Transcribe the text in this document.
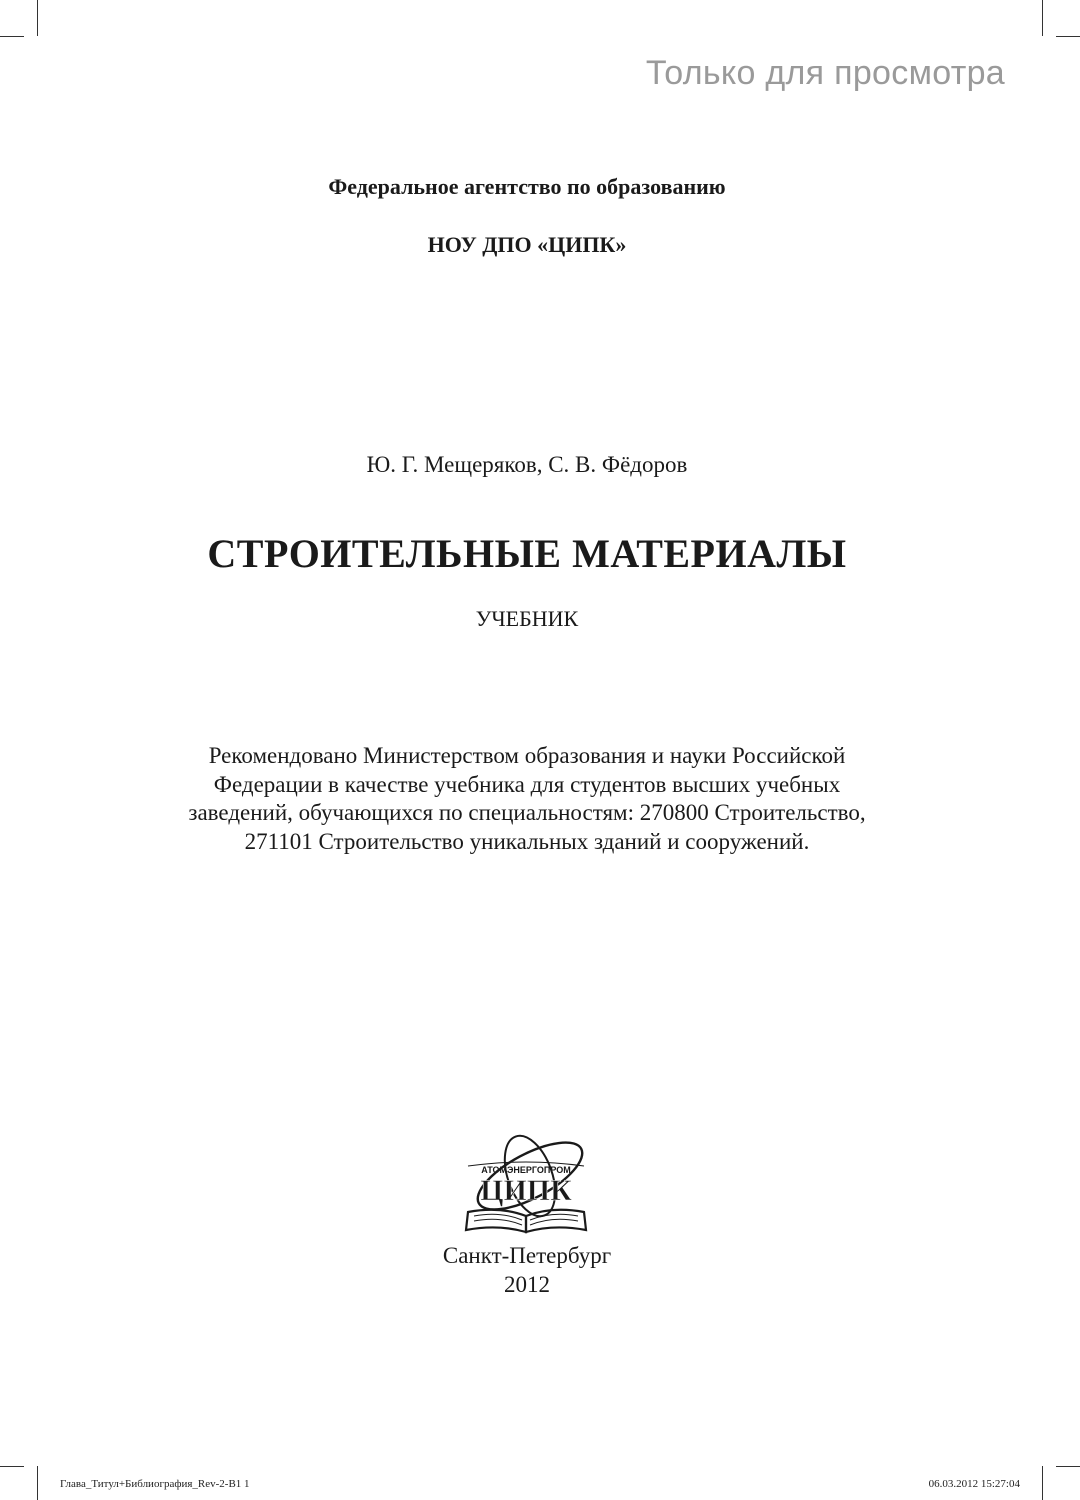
Только для просмотра
Федеральное агентство по образованию
НОУ ДПО «ЦИПК»
Ю. Г. Мещеряков, С. В. Фёдоров
СТРОИТЕЛЬНЫЕ МАТЕРИАЛЫ
УЧЕБНИК
Рекомендовано Министерством образования и науки Российской
Федерации в качестве учебника для студентов высших учебных
заведений, обучающихся по специальностям: 270800 Строительство,
271101 Строительство уникальных зданий и сооружений.
АТОМЭНЕРГОПРОМ
ЦИПК
Санкт-Петербург
2012
Глава_Титул+Библиография_Rev-2-B1 1	06.03.2012 15:27:04
